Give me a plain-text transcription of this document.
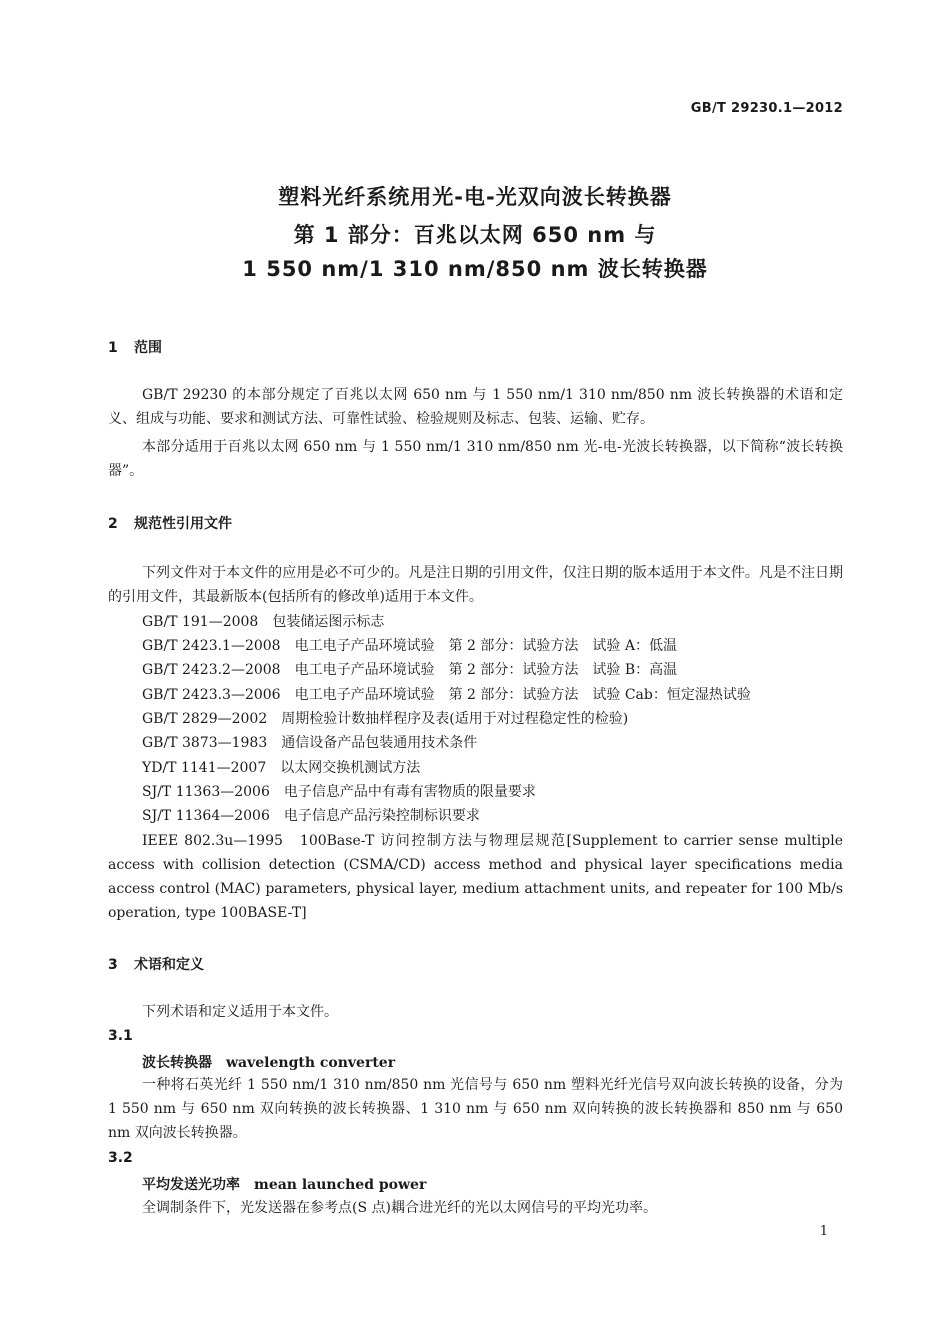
GB/T 29230.1—2012
塑料光纤系统用光-电-光双向波长转换器
第 1 部分：百兆以太网 650 nm 与
1 550 nm/1 310 nm/850 nm 波长转换器
1 范围
GB/T 29230 的本部分规定了百兆以太网 650 nm 与 1 550 nm/1 310 nm/850 nm 波长转换器的术语和定义、组成与功能、要求和测试方法、可靠性试验、检验规则及标志、包装、运输、贮存。
本部分适用于百兆以太网 650 nm 与 1 550 nm/1 310 nm/850 nm 光-电-光波长转换器，以下简称“波长转换器”。
2 规范性引用文件
下列文件对于本文件的应用是必不可少的。凡是注日期的引用文件，仅注日期的版本适用于本文件。凡是不注日期的引用文件，其最新版本(包括所有的修改单)适用于本文件。
GB/T 191—2008　包装储运图示标志
GB/T 2423.1—2008　电工电子产品环境试验　第 2 部分：试验方法　试验 A：低温
GB/T 2423.2—2008　电工电子产品环境试验　第 2 部分：试验方法　试验 B：高温
GB/T 2423.3—2006　电工电子产品环境试验　第 2 部分：试验方法　试验 Cab：恒定湿热试验
GB/T 2829—2002　周期检验计数抽样程序及表(适用于对过程稳定性的检验)
GB/T 3873—1983　通信设备产品包装通用技术条件
YD/T 1141—2007　以太网交换机测试方法
SJ/T 11363—2006　电子信息产品中有毒有害物质的限量要求
SJ/T 11364—2006　电子信息产品污染控制标识要求
IEEE 802.3u—1995　100Base-T 访问控制方法与物理层规范[Supplement to carrier sense multiple access with collision detection (CSMA/CD) access method and physical layer specifications media access control (MAC) parameters, physical layer, medium attachment units, and repeater for 100 Mb/s operation, type 100BASE-T]
3 术语和定义
下列术语和定义适用于本文件。
3.1
波长转换器 wavelength converter
一种将石英光纤 1 550 nm/1 310 nm/850 nm 光信号与 650 nm 塑料光纤光信号双向波长转换的设备，分为 1 550 nm 与 650 nm 双向转换的波长转换器、1 310 nm 与 650 nm 双向转换的波长转换器和 850 nm 与 650 nm 双向波长转换器。
3.2
平均发送光功率 mean launched power
全调制条件下，光发送器在参考点(S 点)耦合进光纤的光以太网信号的平均光功率。
1
